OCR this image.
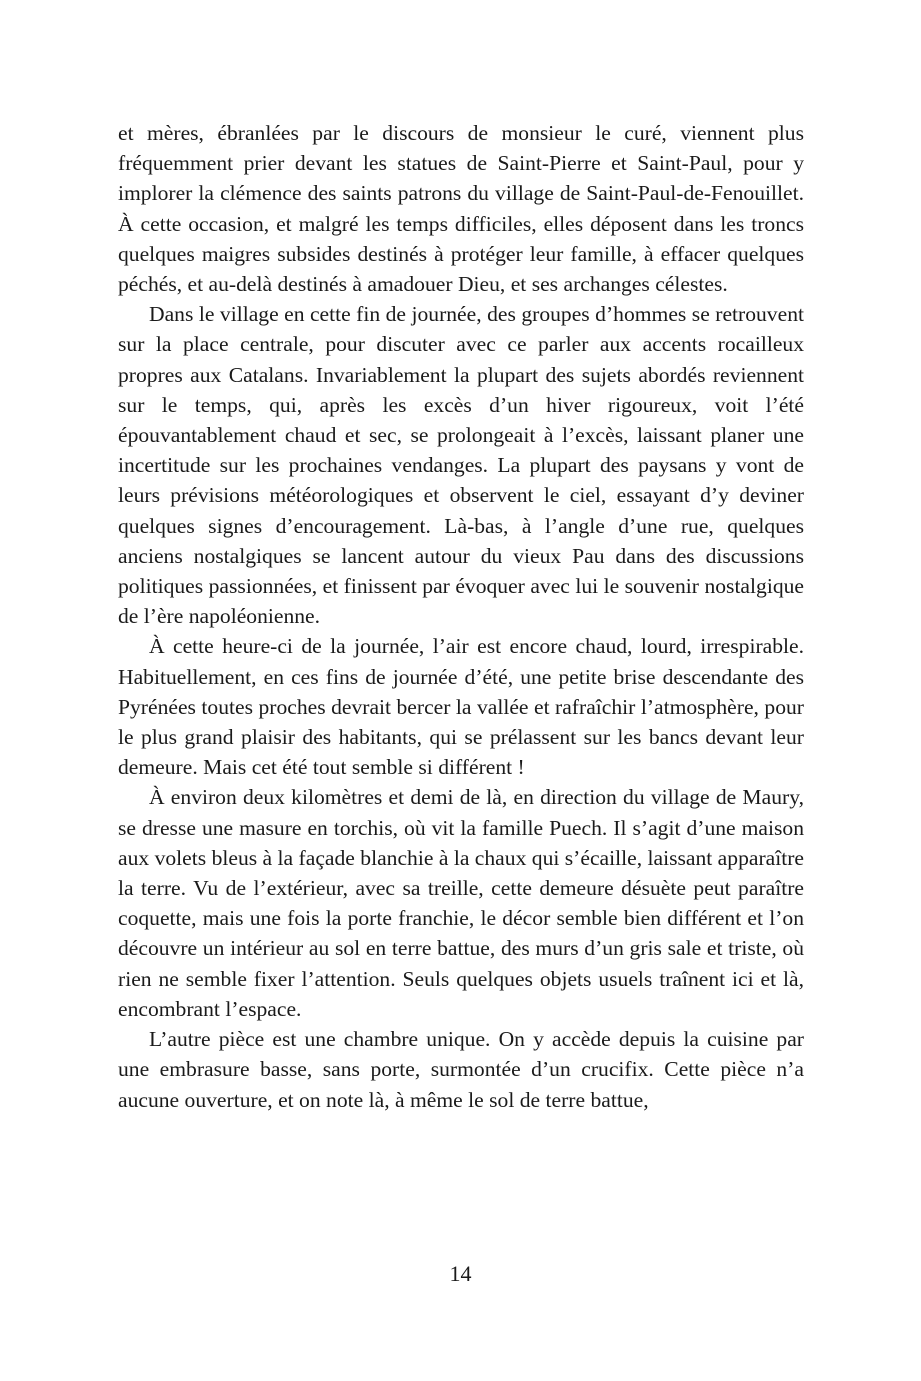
et mères, ébranlées par le discours de monsieur le curé, viennent plus fréquemment prier devant les statues de Saint-Pierre et Saint-Paul, pour y implorer la clémence des saints patrons du village de Saint-Paul-de-Fenouillet. À cette occasion, et malgré les temps difficiles, elles déposent dans les troncs quelques maigres subsides destinés à protéger leur famille, à effacer quelques péchés, et au-delà destinés à amadouer Dieu, et ses archanges célestes.

Dans le village en cette fin de journée, des groupes d’hommes se retrouvent sur la place centrale, pour discuter avec ce parler aux accents rocailleux propres aux Catalans. Invariablement la plupart des sujets abordés reviennent sur le temps, qui, après les excès d’un hiver rigoureux, voit l’été épouvantablement chaud et sec, se prolongeait à l’excès, laissant planer une incertitude sur les prochaines vendanges. La plupart des paysans y vont de leurs prévisions météorologiques et observent le ciel, essayant d’y deviner quelques signes d’encouragement. Là-bas, à l’angle d’une rue, quelques anciens nostalgiques se lancent autour du vieux Pau dans des discussions politiques passionnées, et finissent par évoquer avec lui le souvenir nostalgique de l’ère napoléonienne.

À cette heure-ci de la journée, l’air est encore chaud, lourd, irrespirable. Habituellement, en ces fins de journée d’été, une petite brise descendante des Pyrénées toutes proches devrait bercer la vallée et rafraîchir l’atmosphère, pour le plus grand plaisir des habitants, qui se prélassent sur les bancs devant leur demeure. Mais cet été tout semble si différent !

À environ deux kilomètres et demi de là, en direction du village de Maury, se dresse une masure en torchis, où vit la famille Puech. Il s’agit d’une maison aux volets bleus à la façade blanchie à la chaux qui s’écaille, laissant apparaître la terre. Vu de l’extérieur, avec sa treille, cette demeure désuète peut paraître coquette, mais une fois la porte franchie, le décor semble bien différent et l’on découvre un intérieur au sol en terre battue, des murs d’un gris sale et triste, où rien ne semble fixer l’attention. Seuls quelques objets usuels traînent ici et là, encombrant l’espace.

L’autre pièce est une chambre unique. On y accède depuis la cuisine par une embrasure basse, sans porte, surmontée d’un crucifix. Cette pièce n’a aucune ouverture, et on note là, à même le sol de terre battue,

14
